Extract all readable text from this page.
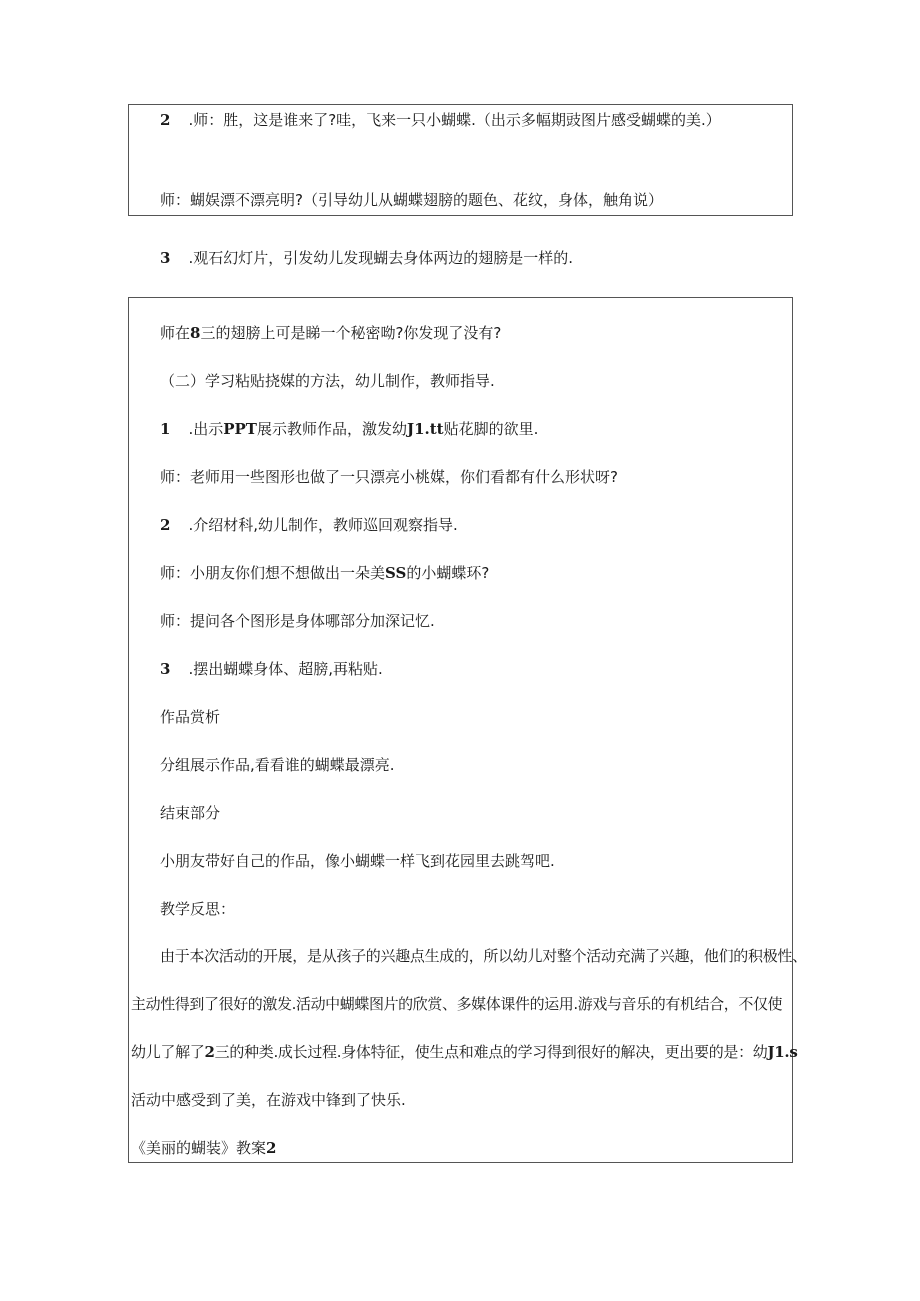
2 .师：胜，这是谁来了?哇，飞来一只小蝴蝶.（出示多幅期豉图片感受蝴蝶的美.）
师：蝴娱漂不漂亮明?（引导幼儿从蝴蝶翅膀的题色、花纹，身体，触角说）
3 .观石幻灯片，引发幼儿发现蝴去身体两边的翅膀是一样的.
师在8三的翅膀上可是睇一个秘密呦?你发现了没有?
（二）学习粘贴挠媒的方法，幼儿制作，教师指导.
1 .出示PPT展示教师作品，激发幼J1.tt贴花脚的欲里.
师：老师用一些图形也做了一只漂亮小桃媒，你们看都有什么形状呀?
2 .介绍材科,幼儿制作，教师巡回观察指导.
师：小朋友你们想不想做出一朵美SS的小蝴蝶环?
师：提问各个图形是身体哪部分加深记忆.
3 .摆出蝴蝶身体、超膀,再粘贴.
作品赏析
分组展示作品,看看谁的蝴蝶最漂亮.
结束部分
小朋友带好自己的作品，像小蝴蝶一样飞到花园里去跳驾吧.
教学反思：
由于本次活动的开展，是从孩子的兴趣点生成的，所以幼儿对整个活动充满了兴趣，他们的积极性、
主动性得到了很好的激发.活动中蝴蝶图片的欣赏、多媒体课件的运用.游戏与音乐的有机结合，不仅使
幼儿了解了2三的种类.成长过程.身体特征，使生点和难点的学习得到很好的解决，更出要的是：幼J1.s
活动中感受到了美，在游戏中锋到了快乐.
《美丽的蝴装》教案2
